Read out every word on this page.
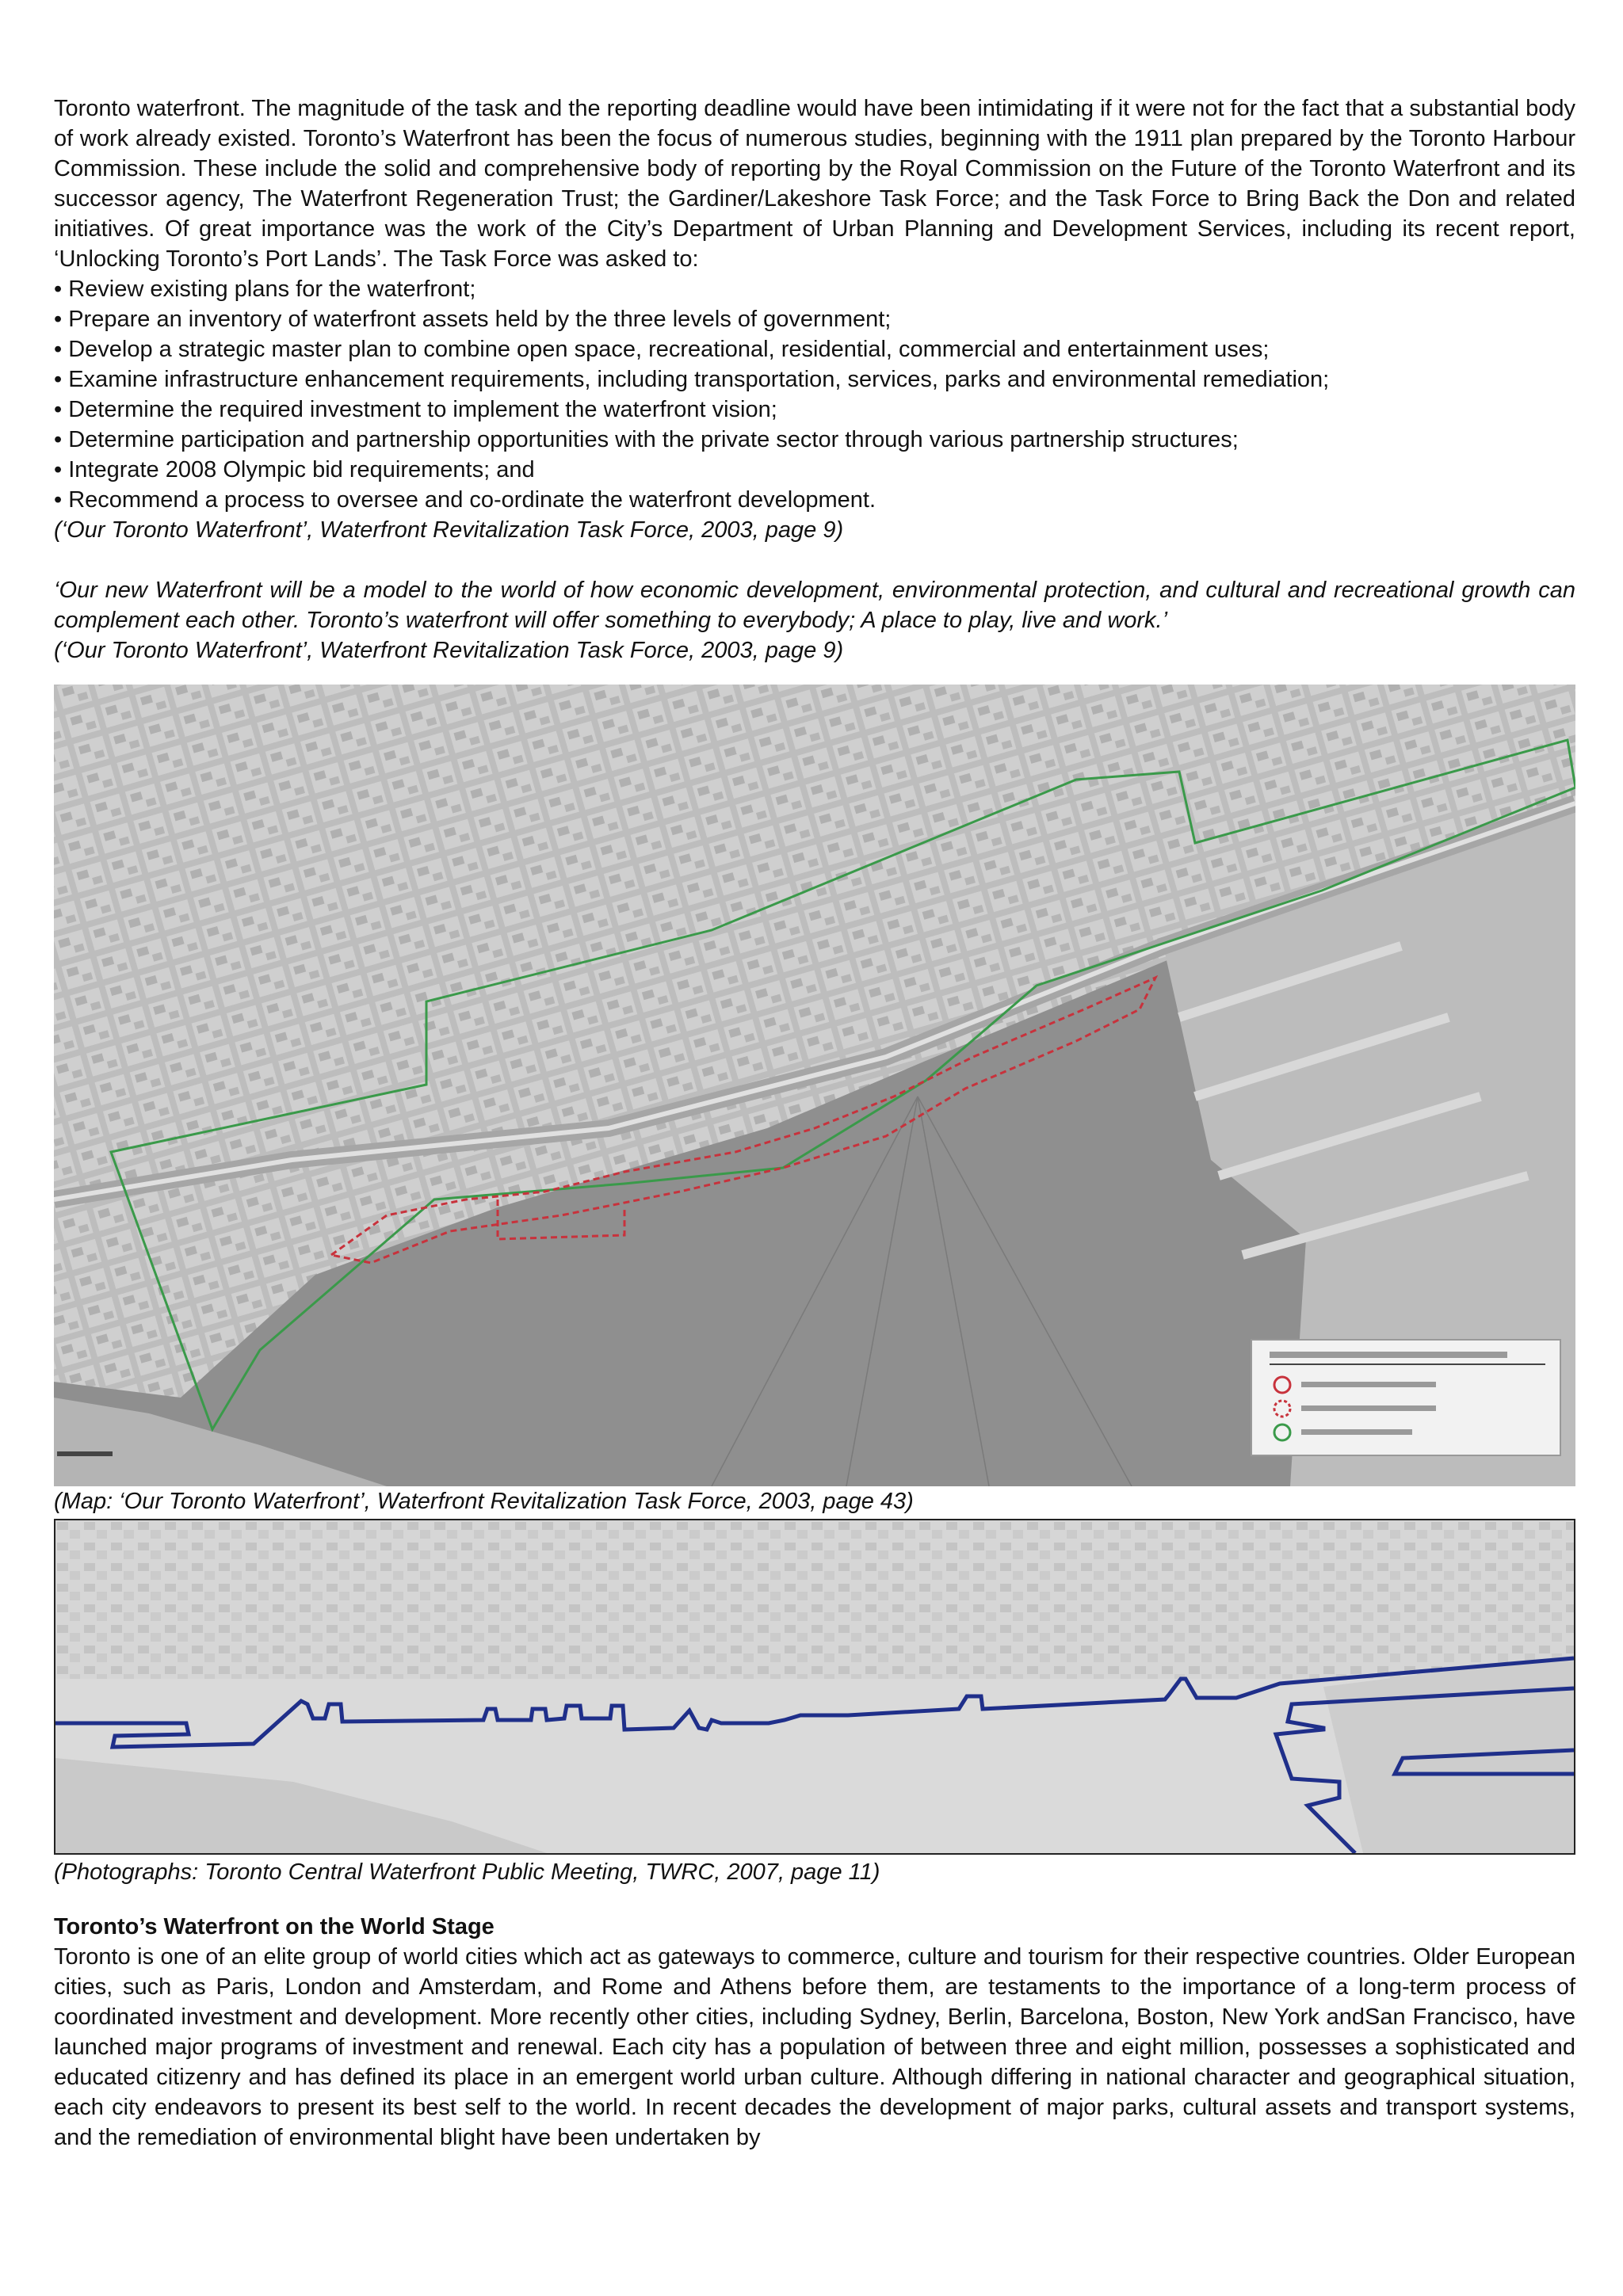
Toronto waterfront. The magnitude of the task and the reporting deadline would have been intimidating if it were not for the fact that a substantial body of work already existed. Toronto’s Waterfront has been the focus of numerous studies, beginning with the 1911 plan prepared by the Toronto Harbour Commission. These include the solid and comprehensive body of reporting by the Royal Commission on the Future of the Toronto Waterfront and its successor agency, The Waterfront Regeneration Trust; the Gardiner/Lakeshore Task Force; and the Task Force to Bring Back the Don and related initiatives. Of great importance was the work of the City’s Department of Urban Planning and Development Services, including its recent report, ‘Unlocking Toronto’s Port Lands’. The Task Force was asked to:

• Review existing plans for the waterfront;
• Prepare an inventory of waterfront assets held by the three levels of government;
• Develop a strategic master plan to combine open space, recreational, residential, commercial and entertainment uses;
• Examine infrastructure enhancement requirements, including transportation, services, parks and environmental remediation;
• Determine the required investment to implement the waterfront vision;
• Determine participation and partnership opportunities with the private sector through various partnership structures;
• Integrate 2008 Olympic bid requirements; and
• Recommend a process to oversee and co-ordinate the waterfront development.

(‘Our Toronto Waterfront’, Waterfront Revitalization Task Force, 2003, page 9)

‘Our new Waterfront will be a model to the world of how economic development, environmental protection, and cultural and recreational growth can complement each other. Toronto’s waterfront will offer something to everybody; A place to play, live and work.’

(‘Our Toronto Waterfront’, Waterfront Revitalization Task Force, 2003, page 9)

(Map: ‘Our Toronto Waterfront’, Waterfront Revitalization Task Force, 2003, page 43)

(Photographs: Toronto Central Waterfront Public Meeting, TWRC, 2007, page 11)

Toronto’s Waterfront on the World Stage

Toronto is one of an elite group of world cities which act as gateways to commerce, culture and tourism for their respective countries. Older European cities, such as Paris, London and Amsterdam, and Rome and Athens before them, are testaments to the importance of a long-term process of coordinated investment and development. More recently other cities, including Sydney, Berlin, Barcelona, Boston, New York andSan Francisco, have launched major programs of investment and renewal. Each city has a population of between three and eight million, possesses a sophisticated and educated citizenry and has defined its place in an emergent world urban culture. Although differing in national character and geographical situation, each city endeavors to present its best self to the world. In recent decades the development of major parks, cultural assets and transport systems, and the remediation of environmental blight have been undertaken by
